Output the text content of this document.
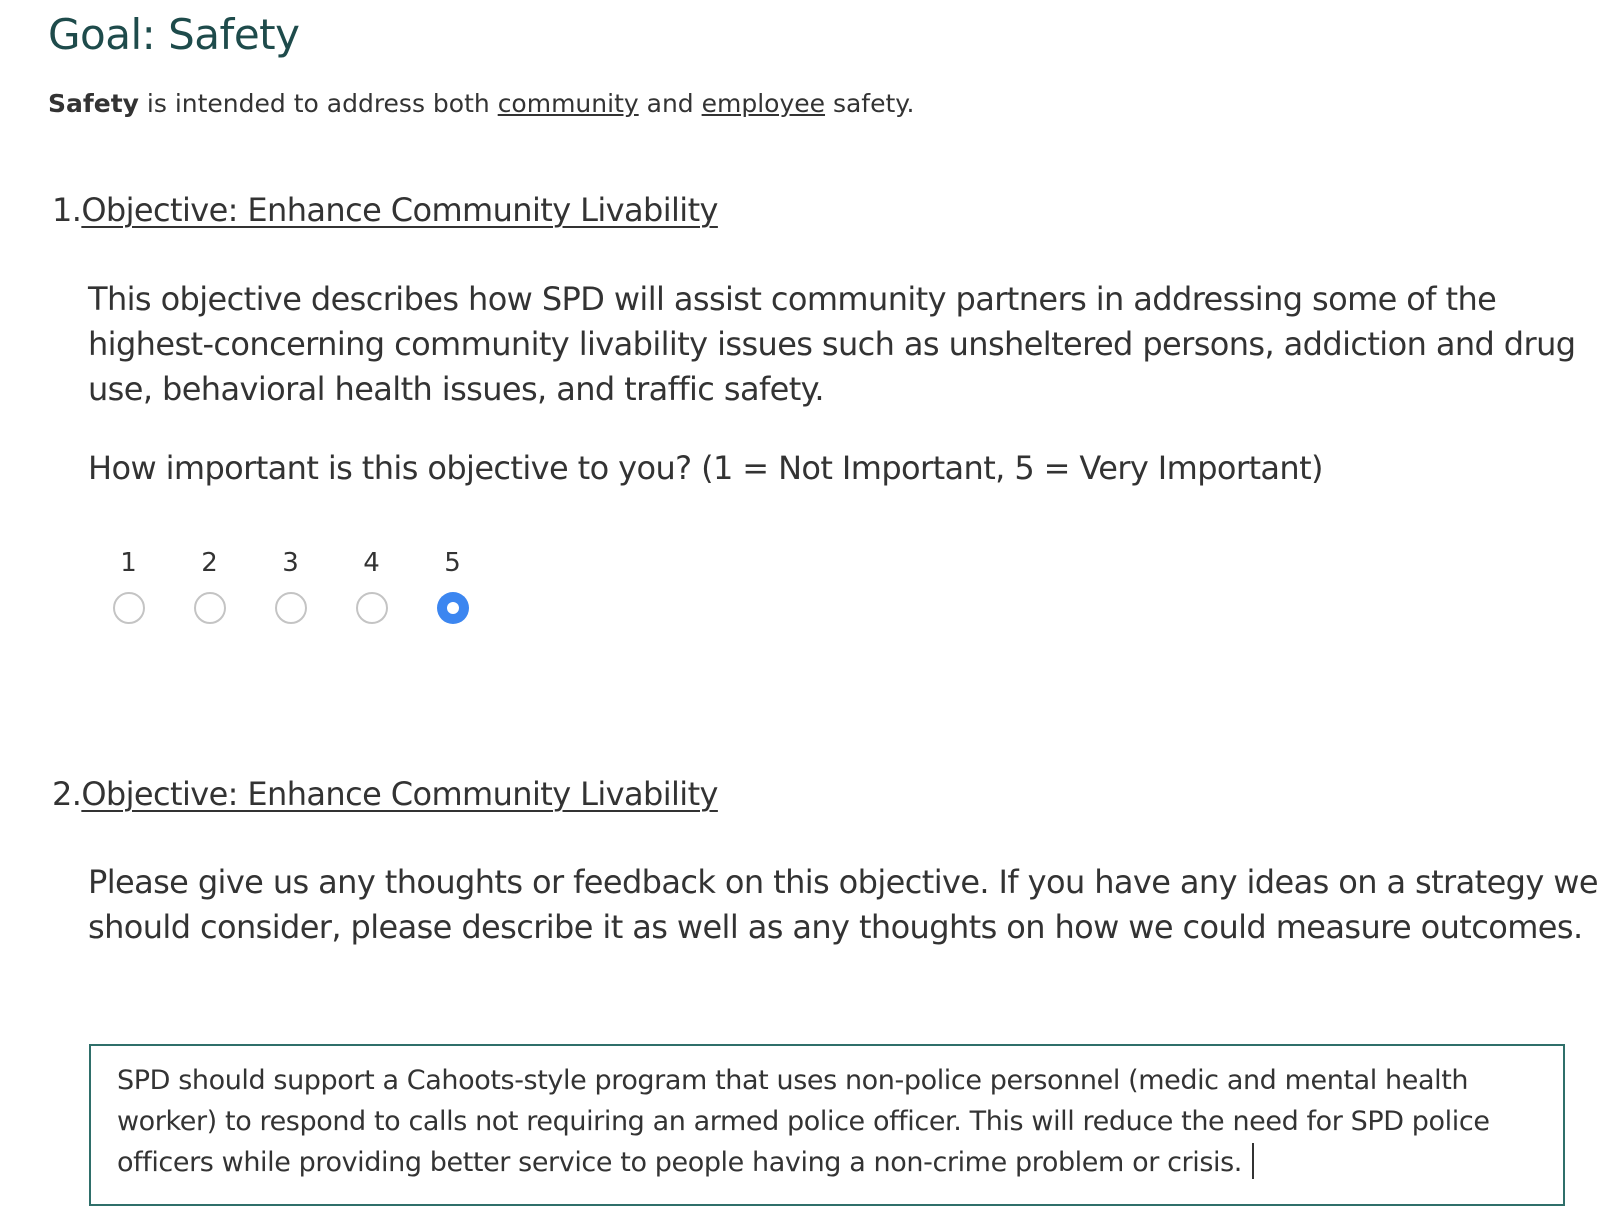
Goal: Safety

Safety is intended to address both community and employee safety.

1.Objective: Enhance Community Livability

This objective describes how SPD will assist community partners in addressing some of the highest-concerning community livability issues such as unsheltered persons, addiction and drug use, behavioral health issues, and traffic safety.

How important is this objective to you? (1 = Not Important, 5 = Very Important)

1 2 3 4 5
2.Objective: Enhance Community Livability

Please give us any thoughts or feedback on this objective. If you have any ideas on a strategy we should consider, please describe it as well as any thoughts on how we could measure outcomes.

SPD should support a Cahoots-style program that uses non-police personnel (medic and mental health worker) to respond to calls not requiring an armed police officer. This will reduce the need for SPD police officers while providing better service to people having a non-crime problem or crisis.
